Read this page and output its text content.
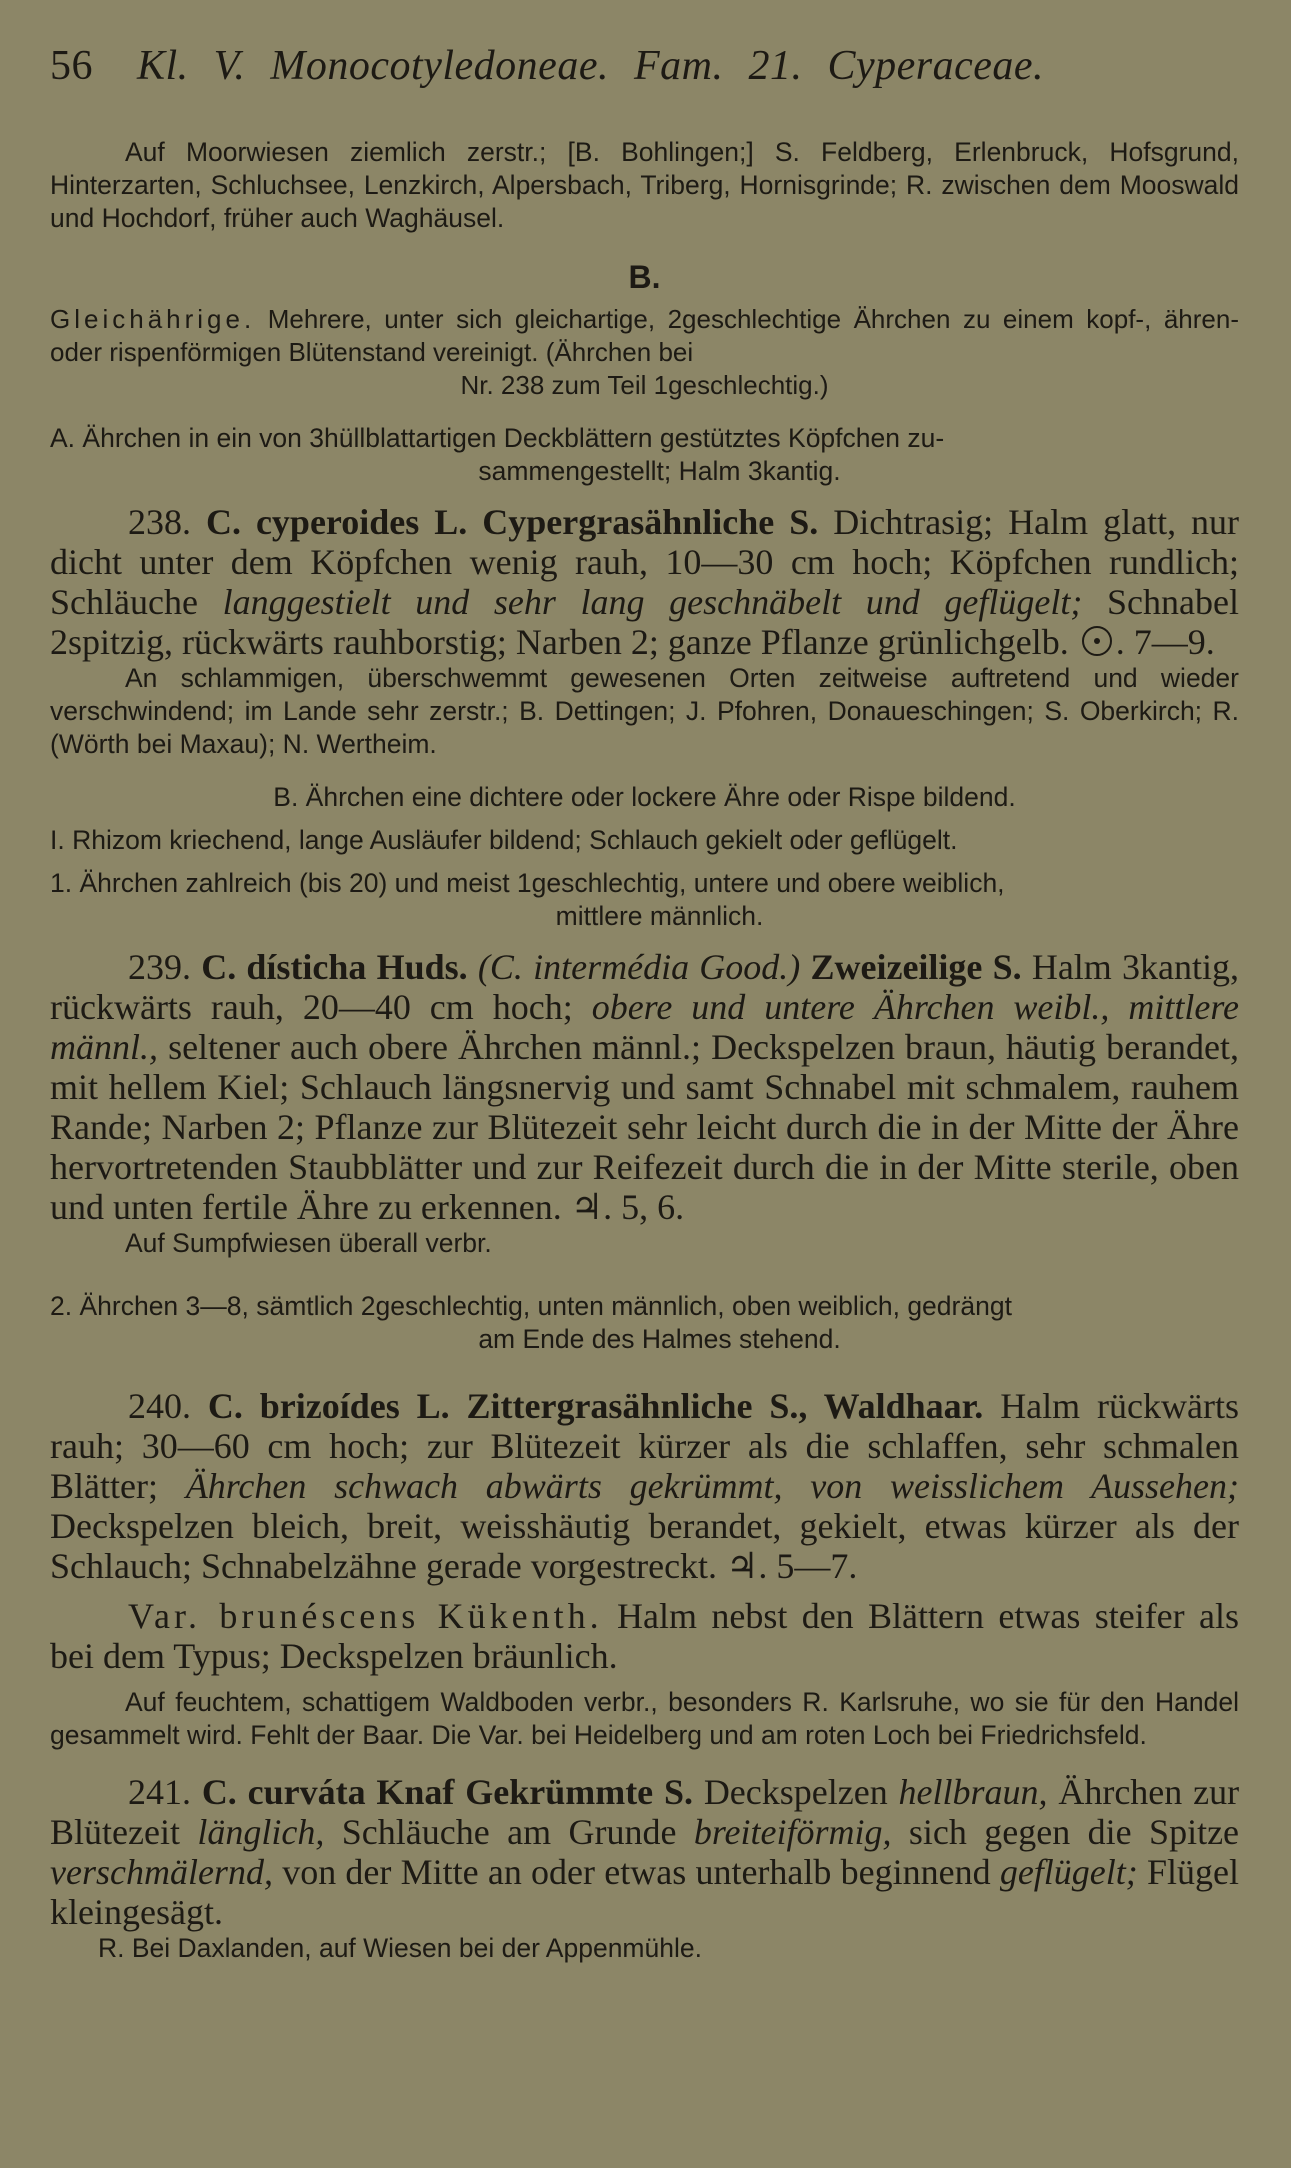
56 Kl. V. Monocotyledoneae. Fam. 21. Cyperaceae.
Auf Moorwiesen ziemlich zerstr.; [B. Bohlingen;] S. Feldberg, Erlenbruck, Hofsgrund, Hinterzarten, Schluchsee, Lenzkirch, Alpersbach, Triberg, Hornisgrinde; R. zwischen dem Mooswald und Hochdorf, früher auch Waghäusel.
B.
Gleichährige. Mehrere, unter sich gleichartige, 2geschlechtige Ährchen zu einem kopf-, ähren- oder rispenförmigen Blütenstand vereinigt. (Ährchen bei
Nr. 238 zum Teil 1geschlechtig.)
A. Ährchen in ein von 3hüllblattartigen Deckblättern gestütztes Köpfchen zu-
sammengestellt; Halm 3kantig.
238. C. cyperoides L. Cypergrasähnliche S. Dichtrasig; Halm glatt, nur dicht unter dem Köpfchen wenig rauh, 10—30 cm hoch; Köpfchen rundlich; Schläuche langgestielt und sehr lang geschnäbelt und geflügelt; Schnabel 2spitzig, rückwärts rauhborstig; Narben 2; ganze Pflanze grünlichgelb. . 7—9.
An schlammigen, überschwemmt gewesenen Orten zeitweise auftretend und wieder verschwindend; im Lande sehr zerstr.; B. Dettingen; J. Pfohren, Donaueschingen; S. Oberkirch; R. (Wörth bei Maxau); N. Wertheim.
B. Ährchen eine dichtere oder lockere Ähre oder Rispe bildend.
I. Rhizom kriechend, lange Ausläufer bildend; Schlauch gekielt oder geflügelt.
1. Ährchen zahlreich (bis 20) und meist 1geschlechtig, untere und obere weiblich,
mittlere männlich.
239. C. dísticha Huds. (C. intermédia Good.) Zweizeilige S. Halm 3kantig, rückwärts rauh, 20—40 cm hoch; obere und untere Ährchen weibl., mittlere männl., seltener auch obere Ährchen männl.; Deckspelzen braun, häutig berandet, mit hellem Kiel; Schlauch längsnervig und samt Schnabel mit schmalem, rauhem Rande; Narben 2; Pflanze zur Blütezeit sehr leicht durch die in der Mitte der Ähre hervortretenden Staubblätter und zur Reifezeit durch die in der Mitte sterile, oben und unten fertile Ähre zu erkennen. ♃. 5, 6.
Auf Sumpfwiesen überall verbr.
2. Ährchen 3—8, sämtlich 2geschlechtig, unten männlich, oben weiblich, gedrängt
am Ende des Halmes stehend.
240. C. brizoídes L. Zittergrasähnliche S., Waldhaar. Halm rückwärts rauh; 30—60 cm hoch; zur Blütezeit kürzer als die schlaffen, sehr schmalen Blätter; Ährchen schwach abwärts gekrümmt, von weisslichem Aussehen; Deckspelzen bleich, breit, weisshäutig berandet, gekielt, etwas kürzer als der Schlauch; Schnabelzähne gerade vorgestreckt. ♃. 5—7.
Var. brunéscens Kükenth. Halm nebst den Blättern etwas steifer als bei dem Typus; Deckspelzen bräunlich.
Auf feuchtem, schattigem Waldboden verbr., besonders R. Karlsruhe, wo sie für den Handel gesammelt wird. Fehlt der Baar. Die Var. bei Heidelberg und am roten Loch bei Friedrichsfeld.
241. C. curváta Knaf Gekrümmte S. Deckspelzen hellbraun, Ährchen zur Blütezeit länglich, Schläuche am Grunde breiteiförmig, sich gegen die Spitze verschmälernd, von der Mitte an oder etwas unterhalb beginnend geflügelt; Flügel kleingesägt.
R. Bei Daxlanden, auf Wiesen bei der Appenmühle.
